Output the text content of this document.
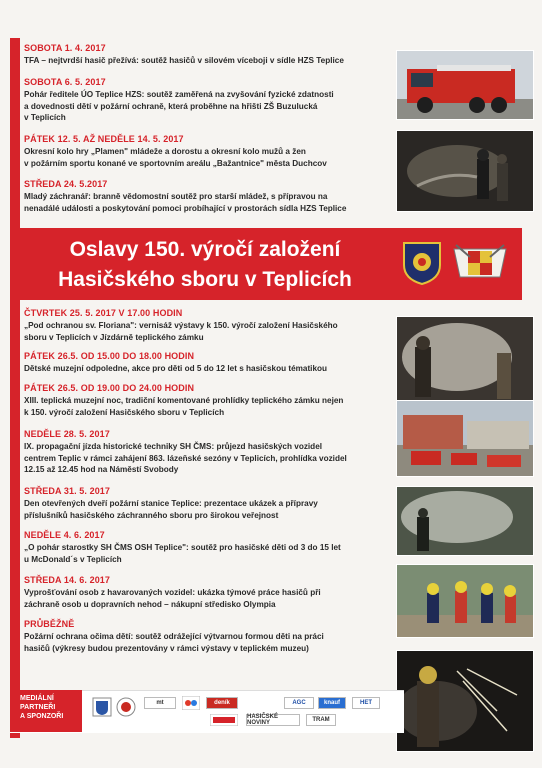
SOBOTA 1. 4. 2017
TFA – nejtvrdší hasič přežívá: soutěž hasičů v silovém víceboji v sídle HZS Teplice
SOBOTA 6. 5. 2017
Pohár ředitele ÚO Teplice HZS: soutěž zaměřená na zvyšování fyzické zdatnosti
a dovednosti dětí v požární ochraně, která proběhne na hřišti ZŠ Buzulucká
v Teplicích
PÁTEK 12. 5. AŽ NEDĚLE 14. 5. 2017
Okresní kolo hry „Plamen" mládeže a dorostu a okresní kolo mužů a žen
v požárním sportu konané ve sportovním areálu „Bažantnice" města Duchcov
STŘEDA 24. 5.2017
Mladý záchranář: branně vědomostní soutěž pro starší mládež, s přípravou na
nenadálé události a poskytování pomoci probíhající v prostorách sídla HZS Teplice
Oslavy 150. výročí založení
Hasičského sboru v Teplicích
ČTVRTEK 25. 5. 2017 V 17.00 HODIN
„Pod ochranou sv. Floriana": vernisáž výstavy k 150. výročí založení Hasičského
sboru v Teplicích v Jízdárně teplického zámku
PÁTEK 26.5. OD 15.00 DO 18.00 HODIN
Dětské muzejní odpoledne, akce pro děti od 5 do 12 let s hasičskou tématikou
PÁTEK 26.5. OD 19.00 DO 24.00 HODIN
XIII. teplická muzejní noc, tradiční komentované prohlídky teplického zámku nejen
k 150. výročí založení Hasičského sboru v Teplicích
NEDĚLE 28. 5. 2017
IX. propagační jízda historické techniky SH ČMS: průjezd hasičských vozidel
centrem Teplic v rámci zahájení 863. lázeňské sezóny v Teplicích, prohlídka vozidel
12.15 až 12.45 hod na Náměstí Svobody
STŘEDA 31. 5. 2017
Den otevřených dveří požární stanice Teplice: prezentace ukázek a přípravy
příslušníků hasičského záchranného sboru pro širokou veřejnost
NEDĚLE 4. 6. 2017
„O pohár starostky SH ČMS OSH Teplice": soutěž pro hasičské děti od 3 do 15 let
u McDonald´s v Teplicích
STŘEDA 14. 6. 2017
Vyprošťování osob z havarovaných vozidel: ukázka týmové práce hasičů při
záchraně osob u dopravních nehod – nákupní středisko Olympia
PRŮBĚŽNĚ
Požární ochrana očima dětí: soutěž odrážející výtvarnou formou děti na práci
hasičů (výkresy budou prezentovány v rámci výstavy v teplickém muzeu)
MEDIÁLNÍ
PARTNEŘI
A SPONZOŘI
mt	deník	AGC	knauf	HET
HASIČSKÉ NOVINY	TRAM
